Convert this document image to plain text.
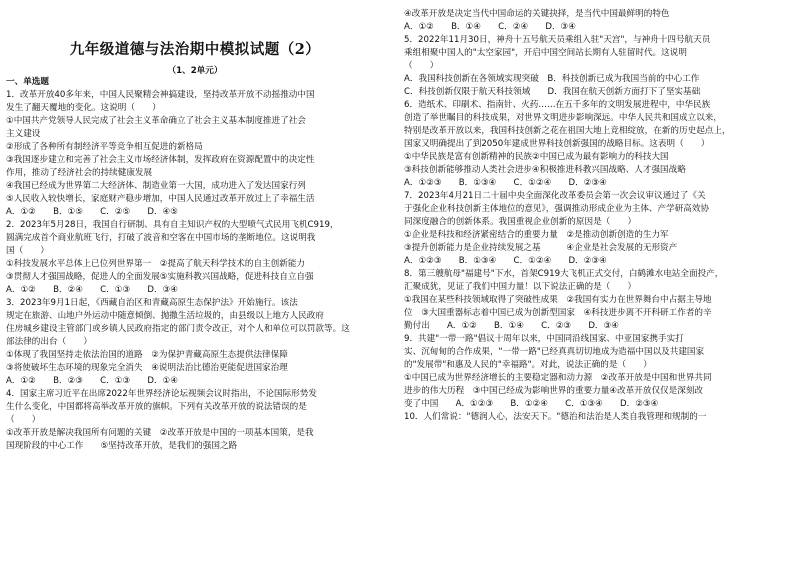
九年级道德与法治期中模拟试题（2）
（1、2单元）
一、单选题
1．改革开放40多年来，中国人民聚精会神搞建设，坚持改革开放不动摇推动中国
发生了翻天覆地的变化。这说明（　　）
①中国共产党领导人民完成了社会主义革命确立了社会主义基本制度推进了社会
主义建设
②形成了各种所有制经济平等竞争相互促进的新格局
③我国逐步建立和完善了社会主义市场经济体制，发挥政府在资源配置中的决定性
作用，推动了经济社会的持续健康发展
④我国已经成为世界第二大经济体、制造业第一大国，成功进入了发达国家行列
⑤人民收入较快增长，家庭财产稳步增加，中国人民通过改革开放过上了幸福生活
A．①②　　B．①⑤　　C．②⑤　　D．④⑤
2．2023年5月28日，我国自行研制、具有自主知识产权的大型喷气式民用飞机C919，
圆满完成首个商业航班飞行，打破了波音和空客在中国市场的垄断地位。这说明我
国（　　）
①科技发展水平总体上已位列世界第一　②提高了航天科学技术的自主创新能力
③贯彻人才强国战略，促进人的全面发展⑤实施科教兴国战略，促进科技自立自强
A．①②　　B．②④　　C．①③　　D．③④
3．2023年9月1日起，《西藏自治区和青藏高原生态保护法》开始施行。该法
规定在旅游、山地户外运动中随意倾倒、抛撒生活垃圾的，由县级以上地方人民政府
住房城乡建设主管部门或乡镇人民政府指定的部门责令改正，对个人和单位可以罚款等。这
部法律的出台（　　）
①体现了我国坚持走依法治国的道路　②为保护青藏高原生态提供法律保障
③将使破坏生态环境的现象完全消失　④说明法治比德治更能促进国家治理
A．①②　　B．②③　　C．①③　　D．①④
4．国家主席习近平在出席2022年世界经济论坛视频会议时指出，不论国际形势发
生什么变化，中国都将高举改革开放的旗帜。下列有关改革开放的说法错误的是
（　　）
①改革开放是解决我国所有问题的关键　②改革开放是中国的一项基本国策，是我
国现阶段的中心工作　　⑤坚持改革开放，是我们的强国之路
④改革开放是决定当代中国命运的关键抉择，是当代中国最鲜明的特色
A．①②　　B．①④　　C．②④　　D．③④
5．2022年11月30日，神舟十五号航天员乘组入驻"天宫"，与神舟十四号航天员
乘组相聚中国人的"太空家园"，开启中国空间站长期有人驻留时代。这说明
（　　）
A．我国科技创新在各领域实现突破　B．科技创新已成为我国当前的中心工作
C．科技创新仅限于航天科技领域　　D．我国在航天创新方面打下了坚实基础
6．造纸术、印刷术、指南针、火药……在五千多年的文明发展进程中，中华民族
创造了举世瞩目的科技成果，对世界文明进步影响深远。中华人民共和国成立以来，
特别是改革开放以来，我国科技创新之花在祖国大地上竞相绽放，在新的历史起点上，
国家又明确提出了到2050年建成世界科技创新强国的战略目标。这表明（　　）
①中华民族是富有创新精神的民族②中国已成为最有影响力的科技大国
③科技创新能够推动人类社会进步④积极推进科教兴国战略、人才强国战略
A．①②③　　B．①③④　　C．①②④　　D．②③④
7．2023年4月21日二十届中央全面深化改革委员会第一次会议审议通过了《关
于强化企业科技创新主体地位的意见》，强调推动形成企业为主体、产学研高效协
同深度融合的创新体系。我国重视企业创新的原因是（　　）
①企业是科技和经济紧密结合的重要力量　②是推动创新创造的生力军
③提升创新能力是企业持续发展之基　　　④企业是社会发展的无形资产
A．①②③　　B．①③④　　C．①②④　　D．②③④
8．第三艘航母"福建号"下水，首架C919大飞机正式交付，白鹤滩水电站全面投产，
汇聚成犹，见证了我们中国力量！以下说法正确的是（　　）
①我国在某些科技领域取得了突破性成果　②我国有实力在世界舞台中占据主导地
位　③大国重器标志着中国已成为创新型国家　④科技进步离不开科研工作者的辛
勤付出　　A．①②　　B．①④　　C．②③　　D．③④
9．共建"一带一路"倡议十周年以来，中国同沿线国家、中亚国家携手实打
实、沉甸甸的合作成果，"一带一路"已经真真切切地成为造福中国以及共建国家
的"发展带"和惠及人民的"幸福路"。对此，说法正确的是（　　）
①中国已成为世界经济增长的主要稳定器和动力源　②改革开放是中国和世界共同
进步的伟大历程　③中国已经成为影响世界的重要力量④改革开放仅仅是深刻改
变了中国　　A．①②③　　B．①②④　　C．①③④　　D．②③④
10．人们常说："德润人心，法安天下。"德治和法治是人类自我管理和规制的一
